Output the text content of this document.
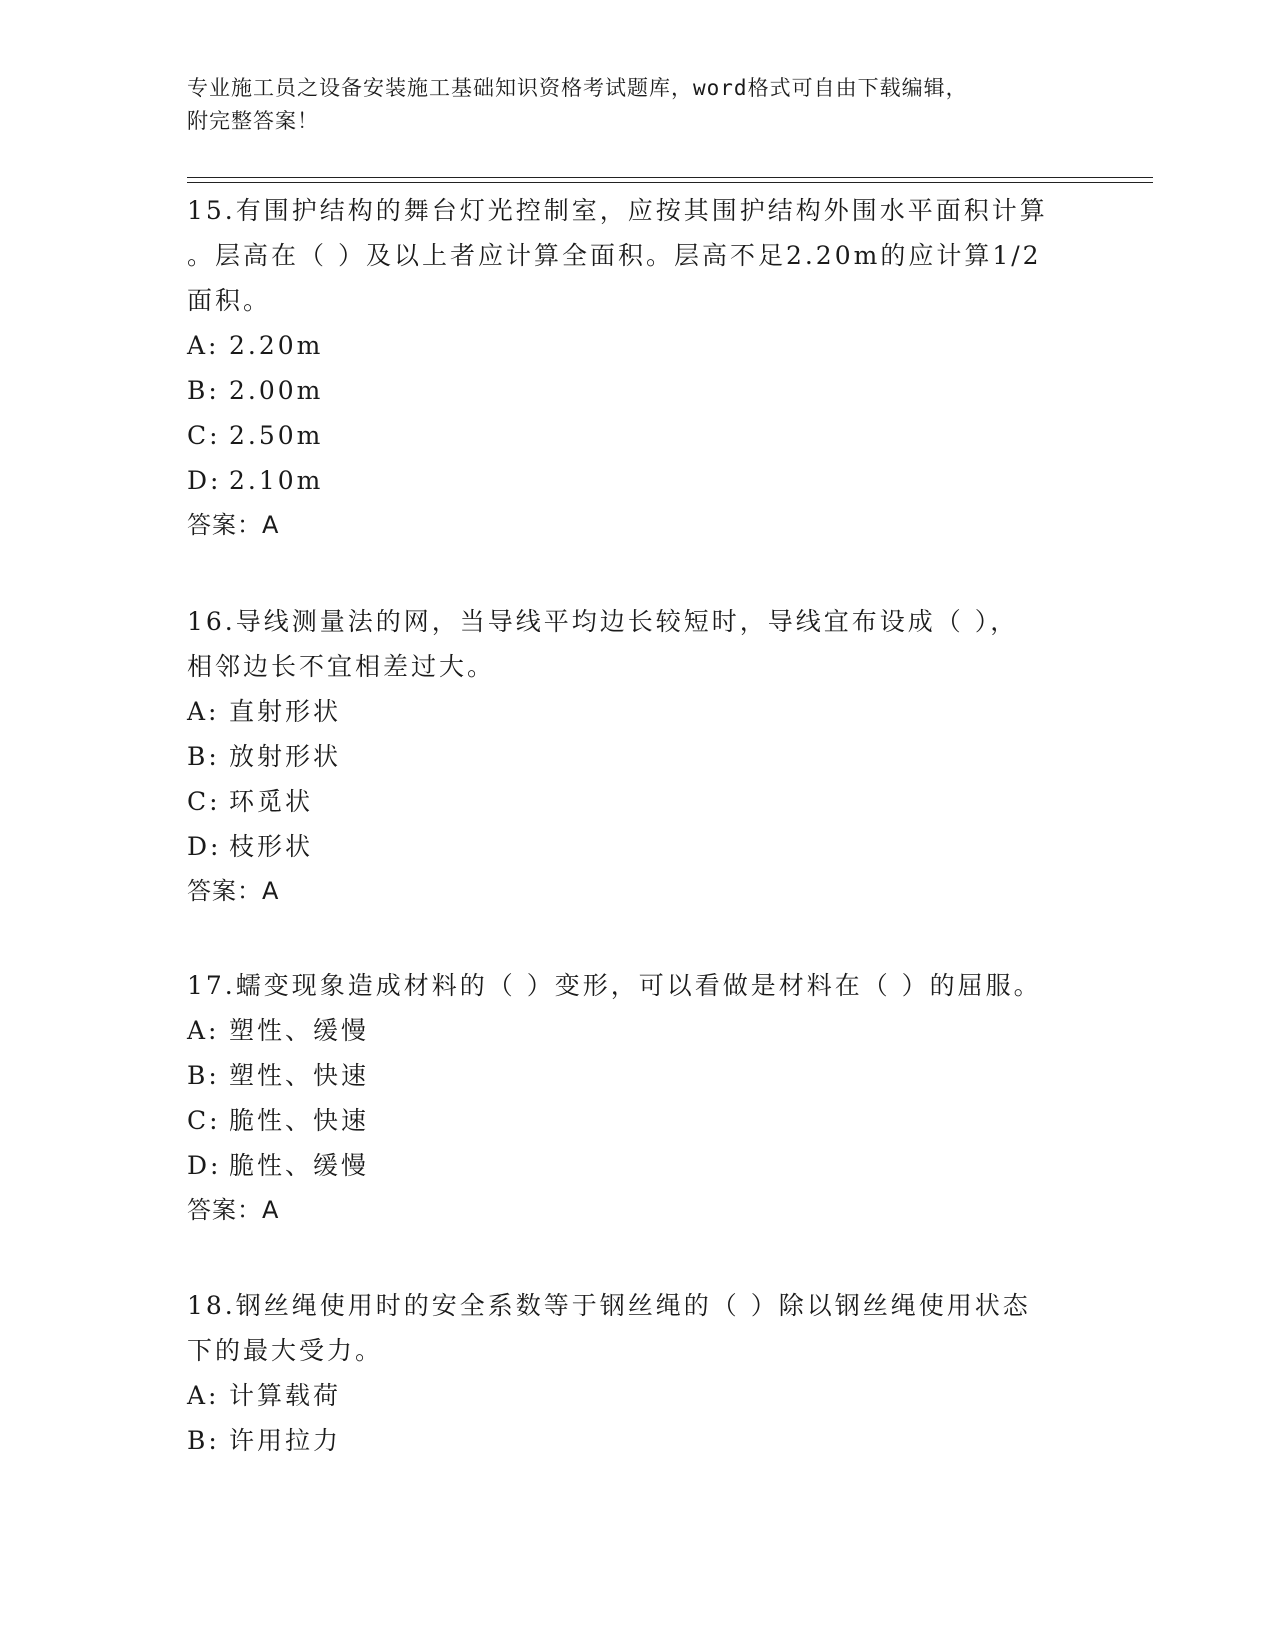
专业施工员之设备安装施工基础知识资格考试题库，word格式可自由下载编辑，
附完整答案！
15.有围护结构的舞台灯光控制室，应按其围护结构外围水平面积计算
。层高在（ ）及以上者应计算全面积。层高不足2.20m的应计算1/2
面积。
A: 2.20m
B: 2.00m
C: 2.50m
D: 2.10m
答案：A
16.导线测量法的网，当导线平均边长较短时，导线宜布设成（ ），
相邻边长不宜相差过大。
A: 直射形状
B: 放射形状
C: 环觅状
D: 枝形状
答案：A
17.蠕变现象造成材料的（ ）变形，可以看做是材料在（ ）的屈服。
A: 塑性、缓慢
B: 塑性、快速
C: 脆性、快速
D: 脆性、缓慢
答案：A
18.钢丝绳使用时的安全系数等于钢丝绳的（ ）除以钢丝绳使用状态
下的最大受力。
A: 计算载荷
B: 许用拉力
